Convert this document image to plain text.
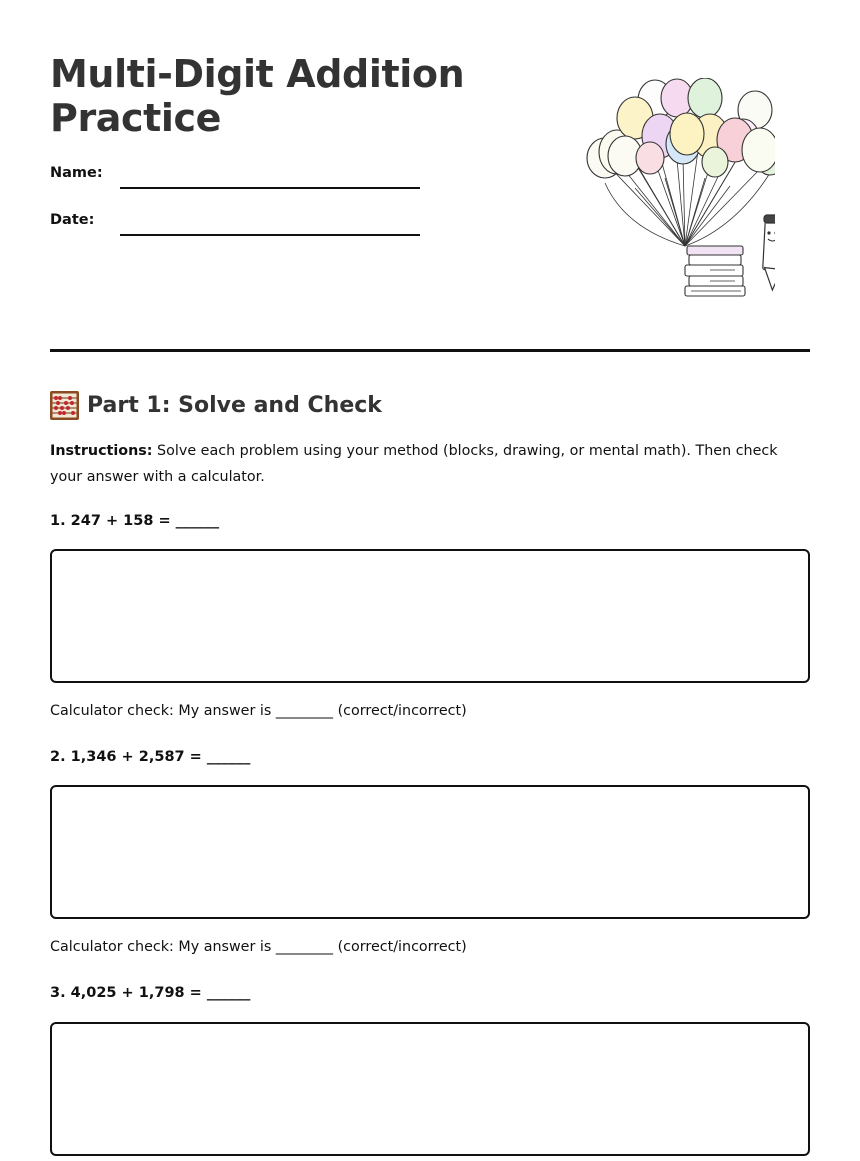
Multi-Digit Addition Practice
Name:
Date:
Part 1: Solve and Check

Instructions: Solve each problem using your method (blocks, drawing, or mental math). Then check your answer with a calculator.

1. 247 + 158 = ______

Calculator check: My answer is ________ (correct/incorrect)

2. 1,346 + 2,587 = ______

Calculator check: My answer is ________ (correct/incorrect)

3. 4,025 + 1,798 = ______
